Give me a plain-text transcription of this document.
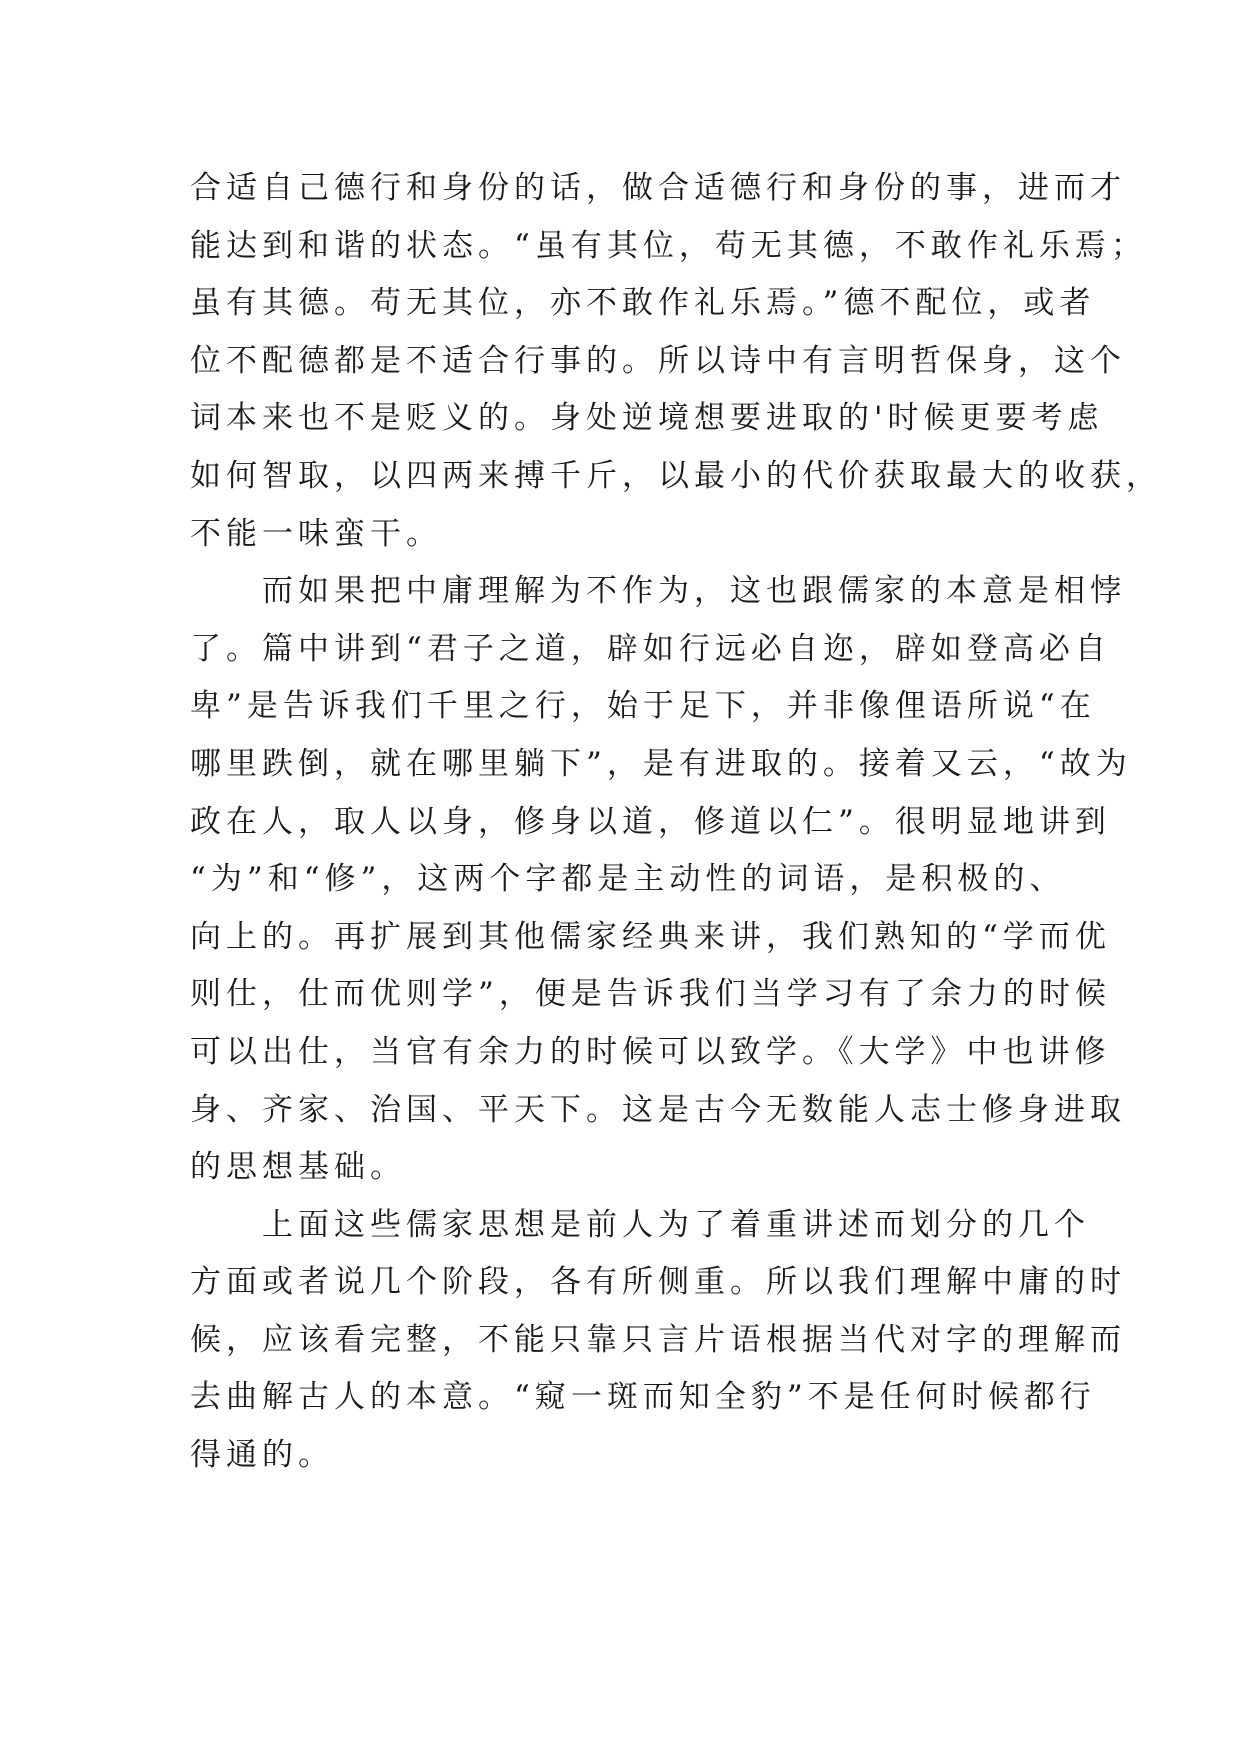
合适自己德行和身份的话，做合适德行和身份的事，进而才
能达到和谐的状态。“虽有其位，苟无其德，不敢作礼乐焉；
虽有其德。苟无其位，亦不敢作礼乐焉。”德不配位，或者
位不配德都是不适合行事的。所以诗中有言明哲保身，这个
词本来也不是贬义的。身处逆境想要进取的'时候更要考虑
如何智取，以四两来搏千斤，以最小的代价获取最大的收获，
不能一味蛮干。
　　而如果把中庸理解为不作为，这也跟儒家的本意是相悖
了。篇中讲到“君子之道，辟如行远必自迩，辟如登高必自
卑”是告诉我们千里之行，始于足下，并非像俚语所说“在
哪里跌倒，就在哪里躺下”，是有进取的。接着又云，“故为
政在人，取人以身，修身以道，修道以仁”。很明显地讲到
“为”和“修”，这两个字都是主动性的词语，是积极的、
向上的。再扩展到其他儒家经典来讲，我们熟知的“学而优
则仕，仕而优则学”，便是告诉我们当学习有了余力的时候
可以出仕，当官有余力的时候可以致学。《大学》中也讲修
身、齐家、治国、平天下。这是古今无数能人志士修身进取
的思想基础。
　　上面这些儒家思想是前人为了着重讲述而划分的几个
方面或者说几个阶段，各有所侧重。所以我们理解中庸的时
候，应该看完整，不能只靠只言片语根据当代对字的理解而
去曲解古人的本意。“窥一斑而知全豹”不是任何时候都行
得通的。
